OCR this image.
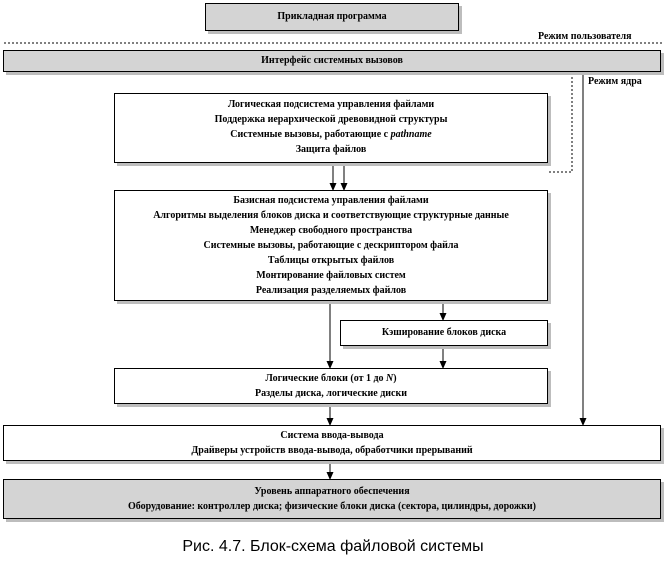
Прикладная программа
Режим пользователя
Интерфейс системных вызовов
Режим ядра
Логическая подсистема управления файлами
Поддержка иерархической древовидной структуры
Системные вызовы, работающие с pathname
Защита файлов
Базисная подсистема управления файлами
Алгоритмы выделения блоков диска и соответствующие структурные данные
Менеджер свободного пространства
Системные вызовы, работающие с дескриптором файла
Таблицы открытых файлов
Монтирование файловых систем
Реализация разделяемых файлов
Кэширование блоков диска
Логические блоки (от 1 до N)
Разделы диска, логические диски
Система ввода-вывода
Драйверы устройств ввода-вывода, обработчики прерываний
Уровень аппаратного обеспечения
Оборудование: контроллер диска; физические блоки диска (сектора, цилиндры, дорожки)
Рис. 4.7. Блок-схема файловой системы
